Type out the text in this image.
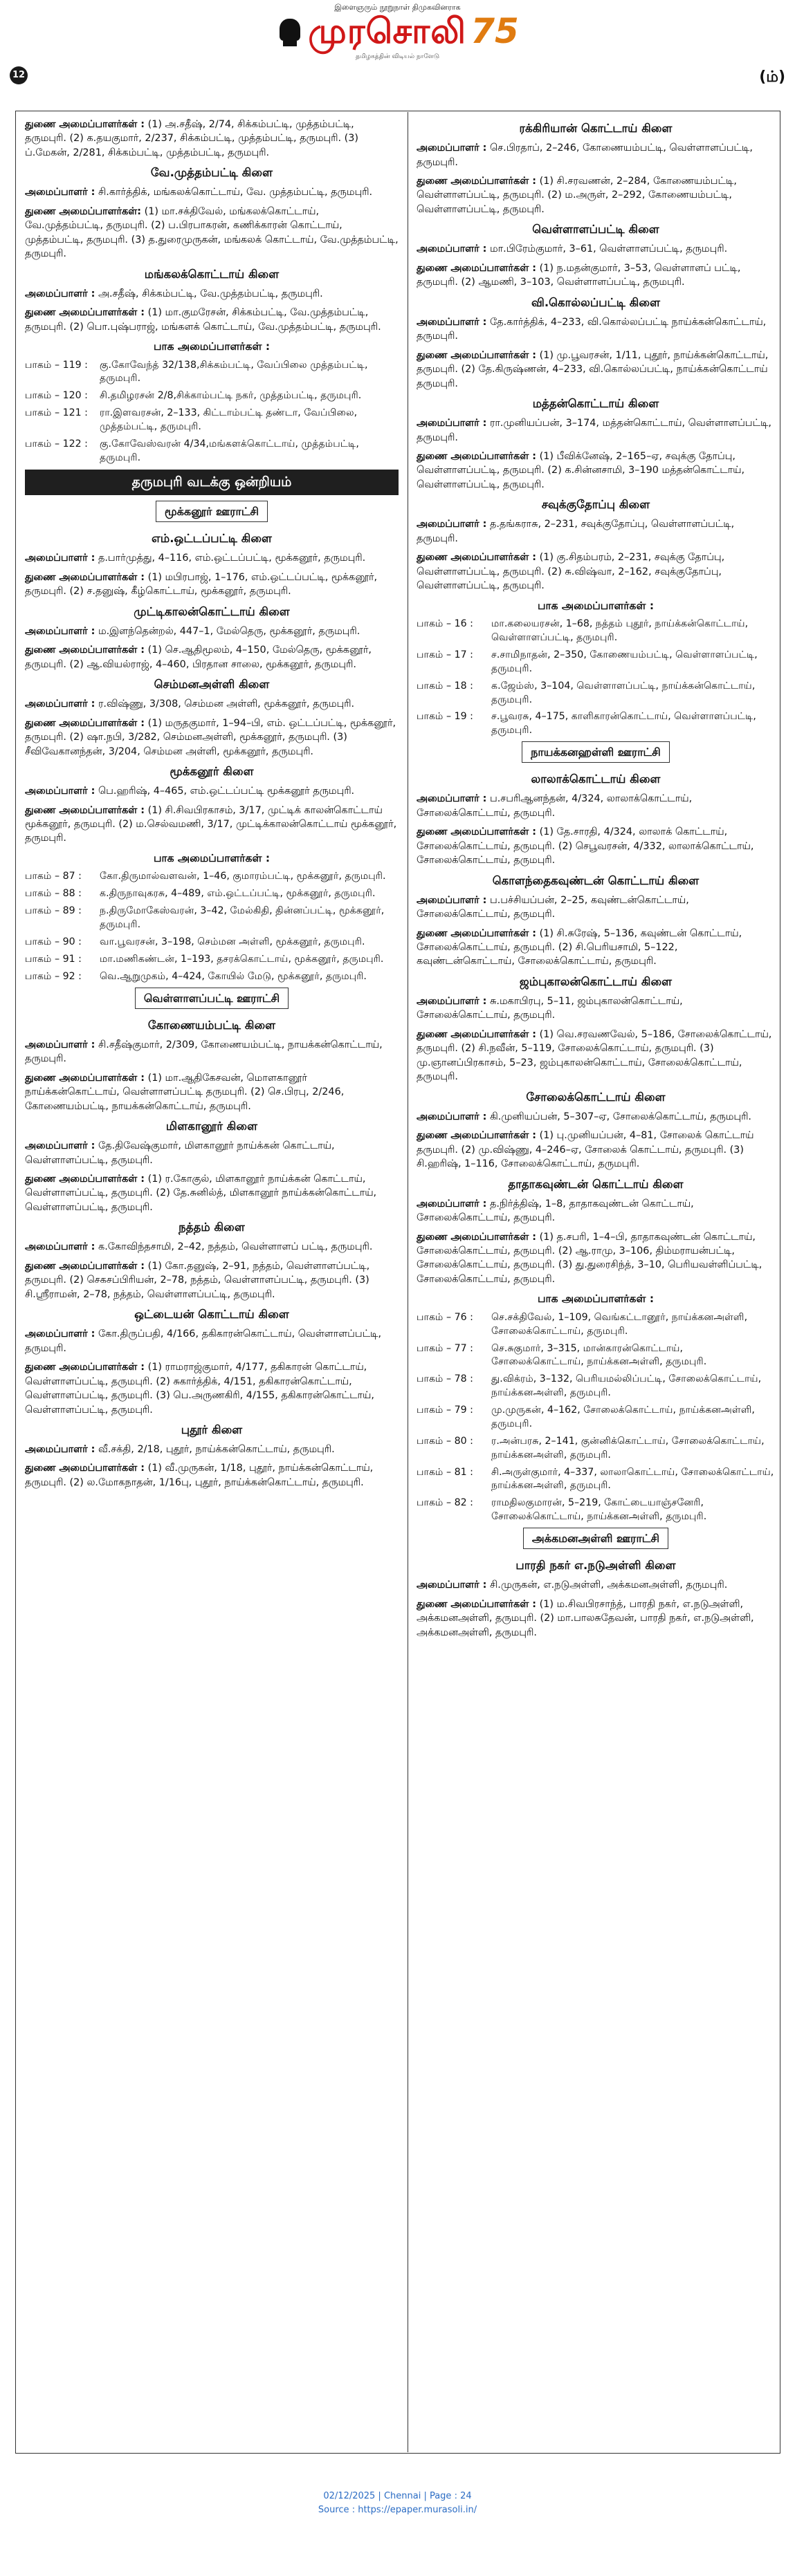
இளைஞரும் நூறுநாள் திமுகவினராக
முரசொலி 75
தமிழகத்தின் விடியல் நாளேடு
12	(ம்)
துணை அமைப்பாளர்கள் : (1) அ.சதீஷ், 2/74, சிக்கம்பட்டி, முத்தம்பட்டி, தருமபுரி. (2) க.தயகுமார், 2/237, சிக்கம்பட்டி, முத்தம்பட்டி, தருமபுரி. (3) ப்.மேகன், 2/281, சிக்கம்பட்டி, முத்தம்பட்டி, தருமபுரி.
வே.முத்தம்பட்டி கிளை
அமைப்பாளர் : சி.கார்த்திக், மங்கலக்கொட்டாய், வே. முத்தம்பட்டி, தருமபுரி.
துணை அமைப்பாளர்கள்: (1) மா.சக்திவேல், மங்கலக்கொட்டாய், வே.முத்தம்பட்டி, தருமபுரி. (2) ப.பிரபாகரன், கணிக்காரன் கொட்டாய், முத்தம்பட்டி, தருமபுரி. (3) த.துரைமுருகன், மங்கலக் கொட்டாய், வே.முத்தம்பட்டி, தருமபுரி.
மங்கலக்கொட்டாய் கிளை
அமைப்பாளர் : அ.சதீஷ், சிக்கம்பட்டி, வே.முத்தம்பட்டி, தருமபுரி.
துணை அமைப்பாளர்கள் : (1) மா.குமரேசன், சிக்கம்பட்டி, வே.முத்தம்பட்டி, தருமபுரி. (2) பொ.புஷ்பராஜ், மங்களக் கொட்டாய், வே.முத்தம்பட்டி, தருமபுரி.
பாக அமைப்பாளர்கள் :
பாகம் – 119 :	கு.கோவேந்த் 32/138,சிக்கம்பட்டி, வேப்பிலை முத்தம்பட்டி, தருமபுரி.
பாகம் – 120 :	சி.தமிழரசன் 2/8,சிக்காம்பட்டி நகர், முத்தம்பட்டி, தருமபுரி.
பாகம் – 121 :	ரா.இளவரசன், 2–133, கிட்டாம்பட்டி தண்டா, வேப்பிலை, முத்தம்பட்டி, தருமபுரி.
பாகம் – 122 :	கு.கோவேஸ்வரன் 4/34,மங்களக்கொட்டாய், முத்தம்பட்டி, தருமபுரி.
தருமபுரி வடக்கு ஒன்றியம்
மூக்கனூர் ஊராட்சி
எம்.ஒட்டப்பட்டி கிளை
அமைப்பாளர் : த.பார்முத்து, 4–116, எம்.ஒட்டப்பட்டி, மூக்கனூர், தருமபுரி.
துணை அமைப்பாளர்கள் : (1) மபிரபாஜ், 1–176, எம்.ஒட்டப்பட்டி, மூக்கனூர், தருமபுரி. (2) ச.தனுஷ், கீழ்கொட்டாய், மூக்கனூர், தருமபுரி.
முட்டிகாலன்கொட்டாய் கிளை
அமைப்பாளர் : ம.இளந்தென்றல், 447–1, மேல்தெரு, மூக்கனூர், தருமபுரி.
துணை அமைப்பாளர்கள் : (1) செ.ஆதிமூலம், 4–150, மேல்தெரு, மூக்கனூர், தருமபுரி. (2) ஆ.வியல்ராஜ், 4–460, பிரதான சாலை, மூக்கனூர், தருமபுரி.
செம்மனஅள்ளி கிளை
அமைப்பாளர் : ர.விஷ்ணு, 3/308, செம்மன அள்ளி, மூக்கனூர், தருமபுரி.
துணை அமைப்பாளர்கள் : (1) மருதகுமார், 1–94–பி, எம். ஒட்டப்பட்டி, மூக்கனூர், தருமபுரி. (2) ஷா.நபி, 3/282, செம்மனஅள்ளி, மூக்கனூர், தருமபுரி. (3) சீவிவேகானந்தன், 3/204, செம்மன அள்ளி, மூக்கனூர், தருமபுரி.
மூக்கனூர் கிளை
அமைப்பாளர் : பெ.ஹரிஷ், 4–465, எம்.ஒட்டப்பட்டி மூக்கனூர் தருமபுரி.
துணை அமைப்பாளர்கள் : (1) சி.சிவபிரகாசம், 3/17, முட்டிக் காலன்கொட்டாய் மூக்கனூர், தருமபுரி. (2) ம.செல்வமணி, 3/17, முட்டிக்காலன்கொட்டாய் மூக்கனூர், தருமபுரி.
பாக அமைப்பாளர்கள் :
பாகம் – 87 :	கோ.திருமால்வளவன், 1–46, குமாரம்பட்டி, மூக்கனூர், தருமபுரி.
பாகம் – 88 :	க.திருநாவுகரசு, 4–489, எம்.ஒட்டப்பட்டி, மூக்கனூர், தருமபுரி.
பாகம் – 89 :	ந.திருமோகேஸ்வரன், 3–42, மேல்கிதி, தின்னப்பட்டி, மூக்கனூர், தருமபுரி.
பாகம் – 90 :	வா.பூவரசன், 3–198, செம்மன அள்ளி, மூக்கனூர், தருமபுரி.
பாகம் – 91 :	மா.மணிகண்டன், 1–193, தசரக்கொட்டாய், மூக்கனூர், தருமபுரி.
பாகம் – 92 :	வெ.ஆறுமுகம், 4–424, கோயில் மேடு, மூக்கனூர், தருமபுரி.
வெள்ளாளப்பட்டி ஊராட்சி
கோணையம்பட்டி கிளை
அமைப்பாளர் : சி.சதீஷ்குமார், 2/309, கோணையம்பட்டி, நாயக்கன்கொட்டாய், தருமபுரி.
துணை அமைப்பாளர்கள் : (1) மா.ஆதிகேசவன், மொளகானூர் நாய்க்கன்கொட்டாய், வெள்ளாளப்பட்டி தருமபுரி. (2) செ.பிரபு, 2/246, கோணையம்பட்டி, நாயக்கன்கொட்டாய், தருமபுரி.
மிளகானூர் கிளை
அமைப்பாளர் : தே.திவேஷ்குமார், மிளகானூர் நாய்க்கன் கொட்டாய், வெள்ளாளப்பட்டி, தருமபுரி.
துணை அமைப்பாளர்கள் : (1) ர.கோகுல், மிளகானூர் நாய்க்கன் கொட்டாய், வெள்ளாளப்பட்டி, தருமபுரி. (2) தே.சுனில்த், மிளகானூர் நாய்க்கன்கொட்டாய், வெள்ளாளப்பட்டி, தருமபுரி.
நத்தம் கிளை
அமைப்பாளர் : க.கோவிந்தசாமி, 2–42, நத்தம், வெள்ளாளப் பட்டி, தருமபுரி.
துணை அமைப்பாளர்கள் : (1) கோ.தனுஷ், 2–91, நத்தம், வெள்ளாளப்பட்டி, தருமபுரி. (2) செகசப்பிரியன், 2–78, நத்தம், வெள்ளாளப்பட்டி, தருமபுரி. (3) சி.ஸ்ரீராமன், 2–78, நத்தம், வெள்ளாளப்பட்டி, தருமபுரி.
ஒட்டையன் கொட்டாய் கிளை
அமைப்பாளர் : கோ.திருப்பதி, 4/166, தகிகாரன்கொட்டாய், வெள்ளாளப்பட்டி, தருமபுரி.
துணை அமைப்பாளர்கள் : (1) ராமராஜ்குமார், 4/177, தகிகாரன் கொட்டாய், வெள்ளாளப்பட்டி, தருமபுரி. (2) சுகார்த்திக், 4/151, தகிகாரன்கொட்டாய், வெள்ளாளப்பட்டி, தருமபுரி. (3) பெ.அருணகிரி, 4/155, தகிகாரன்கொட்டாய், வெள்ளாளப்பட்டி, தருமபுரி.
புதூர் கிளை
அமைப்பாளர் : வீ.சக்தி, 2/18, புதூர், நாய்க்கன்கொட்டாய், தருமபுரி.
துணை அமைப்பாளர்கள் : (1) வீ.முருகன், 1/18, புதூர், நாய்க்கன்கொட்டாய், தருமபுரி. (2) ல.மோகநாதன், 1/16பு, புதூர், நாய்க்கன்கொட்டாய், தருமபுரி.
ரக்கிரியான் கொட்டாய் கிளை
அமைப்பாளர் : செ.பிரதாப், 2–246, கோணையம்பட்டி, வெள்ளாளப்பட்டி, தருமபுரி.
துணை அமைப்பாளர்கள் : (1) சி.சரவணன், 2–284, கோணையம்பட்டி, வெள்ளாளப்பட்டி, தருமபுரி. (2) ம.அருள், 2–292, கோணையம்பட்டி, வெள்ளாளப்பட்டி, தருமபுரி.
வெள்ளாளப்பட்டி கிளை
அமைப்பாளர் : மா.பிரேம்குமார், 3–61, வெள்ளாளப்பட்டி, தருமபுரி.
துணை அமைப்பாளர்கள் : (1) ந.மதன்குமார், 3–53, வெள்ளாளப் பட்டி, தருமபுரி. (2) ஆமணி, 3–103, வெள்ளாளப்பட்டி, தருமபுரி.
வி.கொல்லப்பட்டி கிளை
அமைப்பாளர் : தே.கார்த்திக், 4–233, வி.கொல்லப்பட்டி நாய்க்கன்கொட்டாய், தருமபுரி.
துணை அமைப்பாளர்கள் : (1) மு.பூவரசன், 1/11, புதூர், நாய்க்கன்கொட்டாய், தருமபுரி. (2) தே.கிருஷ்ணன், 4–233, வி.கொல்லப்பட்டி, நாய்க்கன்கொட்டாய் தருமபுரி.
மத்தன்கொட்டாய் கிளை
அமைப்பாளர் : ரா.முனியப்பன், 3–174, மத்தன்கொட்டாய், வெள்ளாளப்பட்டி, தருமபுரி.
துணை அமைப்பாளர்கள் : (1) பீவிக்னேஷ், 2–165–ஏ, சவுக்கு தோப்பு, வெள்ளாளப்பட்டி, தருமபுரி. (2) க.சின்னசாமி, 3–190 மத்தன்கொட்டாய், வெள்ளாளப்பட்டி, தருமபுரி.
சவுக்குதோப்பு கிளை
அமைப்பாளர் : த.தங்கராசு, 2–231, சவுக்குதோப்பு, வெள்ளாளப்பட்டி, தருமபுரி.
துணை அமைப்பாளர்கள் : (1) கு.சிதம்பரம், 2–231, சவுக்கு தோப்பு, வெள்ளாளப்பட்டி, தருமபுரி. (2) சு.விஷ்வா, 2–162, சவுக்குதோப்பு, வெள்ளாளப்பட்டி, தருமபுரி.
பாக அமைப்பாளர்கள் :
பாகம் – 16 :	மா.கலையரசன், 1–68, நத்தம் புதூர், நாய்க்கன்கொட்டாய், வெள்ளாளப்பட்டி, தருமபுரி.
பாகம் – 17 :	ச.சாமிநாதன், 2–350, கோணையம்பட்டி, வெள்ளாளப்பட்டி, தருமபுரி.
பாகம் – 18 :	க.ஜேம்ஸ், 3–104, வெள்ளாளப்பட்டி, நாய்க்கன்கொட்டாய், தருமபுரி.
பாகம் – 19 :	ச.பூவரசு, 4–175, காளிகாரன்கொட்டாய், வெள்ளாளப்பட்டி, தருமபுரி.
நாயக்கனஹள்ளி ஊராட்சி
லாலாக்கொட்டாய் கிளை
அமைப்பாளர் : ப.சபரிஆனந்தன், 4/324, லாலாக்கொட்டாய், சோலைக்கொட்டாய், தருமபுரி.
துணை அமைப்பாளர்கள் : (1) தே.சாரதி, 4/324, லாலாக் கொட்டாய், சோலைக்கொட்டாய், தருமபுரி. (2) செபூவரசன், 4/332, லாலாக்கொட்டாய், சோலைக்கொட்டாய், தருமபுரி.
கொளந்தைகவுண்டன் கொட்டாய் கிளை
அமைப்பாளர் : ப.பச்சியப்பன், 2–25, கவுண்டன்கொட்டாய், சோலைக்கொட்டாய், தருமபுரி.
துணை அமைப்பாளர்கள் : (1) சி.சுரேஷ், 5–136, கவுண்டன் கொட்டாய், சோலைக்கொட்டாய், தருமபுரி. (2) சி.பெரியசாமி, 5–122, கவுண்டன்கொட்டாய், சோலைக்கொட்டாய், தருமபுரி.
ஜம்புகாலன்கொட்டாய் கிளை
அமைப்பாளர் : சு.மகாபிரபு, 5–11, ஜம்புகாலன்கொட்டாய், சோலைக்கொட்டாய், தருமபுரி.
துணை அமைப்பாளர்கள் : (1) வெ.சரவணவேல், 5–186, சோலைக்கொட்டாய், தருமபுரி. (2) சி.நவீன், 5–119, சோலைக்கொட்டாய், தருமபுரி. (3) மு.ஞானப்பிரகாசம், 5–23, ஜம்புகாலன்கொட்டாய், சோலைக்கொட்டாய், தருமபுரி.
சோலைக்கொட்டாய் கிளை
அமைப்பாளர் : கி.முனியப்பன், 5–307–ஏ, சோலைக்கொட்டாய், தருமபுரி.
துணை அமைப்பாளர்கள் : (1) பு.முனியப்பன், 4–81, சோலைக் கொட்டாய் தருமபுரி. (2) மு.விஷ்ணு, 4–246–ஏ, சோலைக் கொட்டாய், தருமபுரி. (3) சி.ஹரிஷ், 1–116, சோலைக்கொட்டாய், தருமபுரி.
தாதாகவுண்டன் கொட்டாய் கிளை
அமைப்பாளர் : த.நிர்த்திஷ், 1–8, தாதாகவுண்டன் கொட்டாய், சோலைக்கொட்டாய், தருமபுரி.
துணை அமைப்பாளர்கள் : (1) த.சபரி, 1–4–பி, தாதாகவுண்டன் கொட்டாய், சோலைக்கொட்டாய், தருமபுரி. (2) ஆ.ராமு, 3–106, திம்மராயன்பட்டி, சோலைக்கொட்டாய், தருமபுரி. (3) து.துரைசிந்த், 3–10, பெரியவள்ளிப்பட்டி, சோலைக்கொட்டாய், தருமபுரி.
பாக அமைப்பாளர்கள் :
பாகம் – 76 :	செ.சக்திவேல், 1–109, வெங்கட்டானூர், நாய்க்கனஅள்ளி, சோலைக்கொட்டாய், தருமபுரி.
பாகம் – 77 :	செ.சுகுமார், 3–315, மான்காரன்கொட்டாய், சோலைக்கொட்டாய், நாய்க்கனஅள்ளி, தருமபுரி.
பாகம் – 78 :	து.விக்ரம், 3–132, பெரியமல்லிப்பட்டி, சோலைக்கொட்டாய், நாய்க்கனஅள்ளி, தருமபுரி.
பாகம் – 79 :	மு.முருகன், 4–162, சோலைக்கொட்டாய், நாய்க்கனஅள்ளி, தருமபுரி.
பாகம் – 80 :	ர.அன்பரசு, 2–141, குன்னிக்கொட்டாய், சோலைக்கொட்டாய், நாய்க்கனஅள்ளி, தருமபுரி.
பாகம் – 81 :	சி.அருள்குமார், 4–337, லாலாகொட்டாய், சோலைக்கொட்டாய், நாய்க்கனஅள்ளி, தருமபுரி.
பாகம் – 82 :	ராமதிலகுமாரன், 5–219, கோட்டையாஞ்சனேரி, சோலைக்கொட்டாய், நாய்க்கனஅள்ளி, தருமபுரி.
அக்கமனஅள்ளி ஊராட்சி
பாரதி நகர் எ.நடுஅள்ளி கிளை
அமைப்பாளர் : சி.முருகன், எ.நடுஅள்ளி, அக்கமனஅள்ளி, தருமபுரி.
துணை அமைப்பாளர்கள் : (1) ம.சிவபிரசாந்த், பாரதி நகர், எ.நடுஅள்ளி, அக்கமனஅள்ளி, தருமபுரி. (2) மா.பாலசுதேவன், பாரதி நகர், எ.நடுஅள்ளி, அக்கமனஅள்ளி, தருமபுரி.
02/12/2025 | Chennai | Page : 24
Source : https://epaper.murasoli.in/
